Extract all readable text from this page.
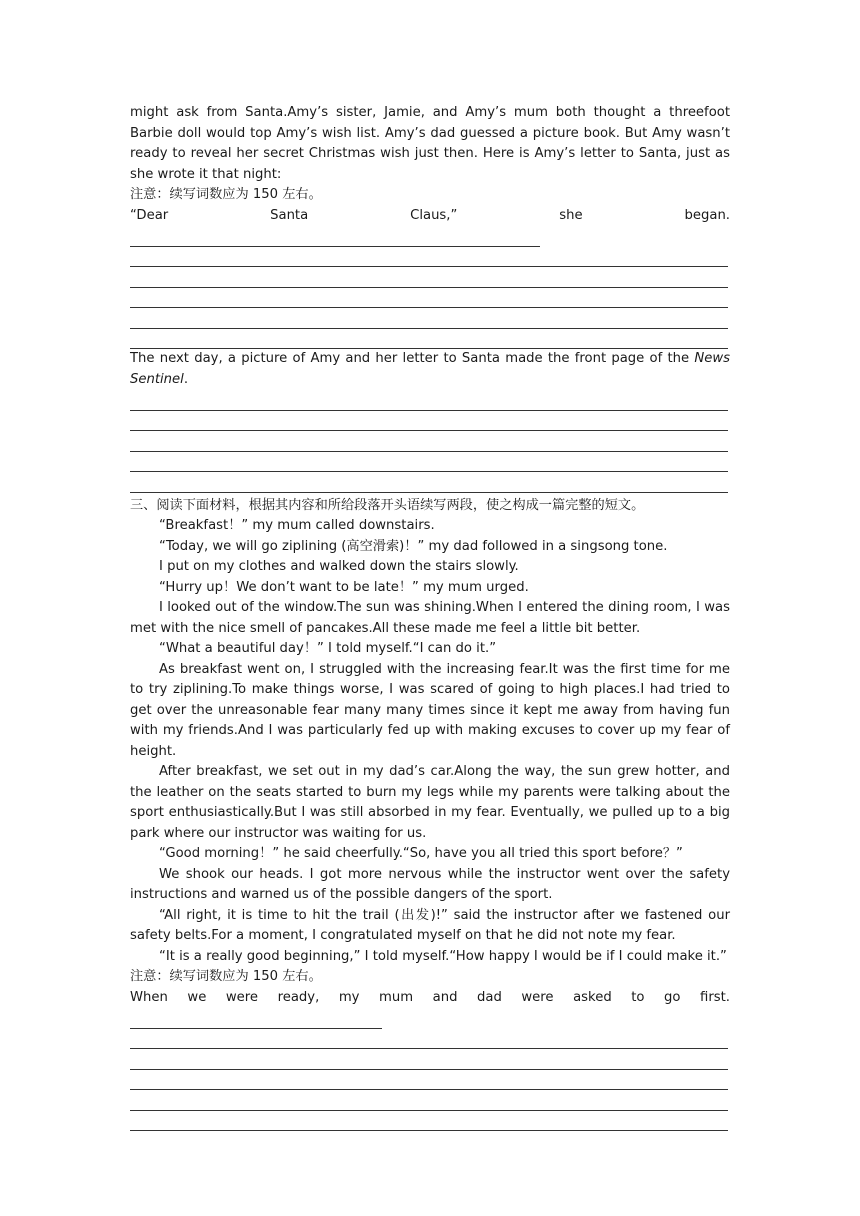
might ask from Santa.Amy’s sister, Jamie, and Amy’s mum both thought a threefoot Barbie doll would top Amy’s wish list. Amy’s dad guessed a picture book. But Amy wasn’t ready to reveal her secret Christmas wish just then. Here is Amy’s letter to Santa, just as she wrote it that night:

注意：续写词数应为 150 左右。

“Dear Santa Claus,” she began.

The next day, a picture of Amy and her letter to Santa made the front page of the News Sentinel.

三、阅读下面材料，根据其内容和所给段落开头语续写两段，使之构成一篇完整的短文。

“Breakfast！” my mum called downstairs.

“Today, we will go ziplining (高空滑索)！” my dad followed in a singsong tone.

I put on my clothes and walked down the stairs slowly.

“Hurry up！We don’t want to be late！” my mum urged.

I looked out of the window.The sun was shining.When I entered the dining room, I was met with the nice smell of pancakes.All these made me feel a little bit better.

“What a beautiful day！” I told myself.“I can do it.”

As breakfast went on, I struggled with the increasing fear.It was the first time for me to try ziplining.To make things worse, I was scared of going to high places.I had tried to get over the unreasonable fear many many times since it kept me away from having fun with my friends.And I was particularly fed up with making excuses to cover up my fear of height.

After breakfast, we set out in my dad’s car.Along the way, the sun grew hotter, and the leather on the seats started to burn my legs while my parents were talking about the sport enthusiastically.But I was still absorbed in my fear. Eventually, we pulled up to a big park where our instructor was waiting for us.

“Good morning！” he said cheerfully.“So, have you all tried this sport before？”

We shook our heads. I got more nervous while the instructor went over the safety instructions and warned us of the possible dangers of the sport.

“All right, it is time to hit the trail (出发)!” said the instructor after we fastened our safety belts.For a moment, I congratulated myself on that he did not note my fear.

“It is a really good beginning,” I told myself.“How happy I would be if I could make it.”

注意：续写词数应为 150 左右。

When we were ready, my mum and dad were asked to go first.
